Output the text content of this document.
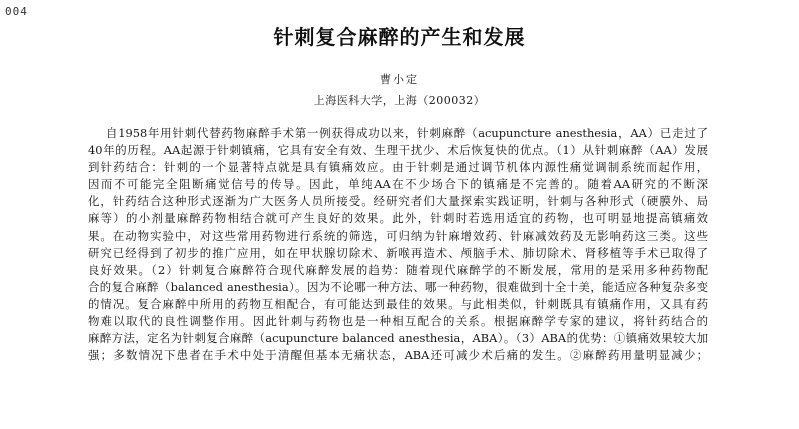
004
针刺复合麻醉的产生和发展
曹小定
上海医科大学，上海（200032）
自1958年用针刺代替药物麻醉手术第一例获得成功以来，针刺麻醉（acupuncture anesthesia，AA）已走过了
40年的历程。AA起源于针刺镇痛，它具有安全有效、生理干扰少、术后恢复快的优点。（1）从针刺麻醉（AA）发展
到针药结合：针刺的一个显著特点就是具有镇痛效应。由于针刺是通过调节机体内源性痛觉调制系统而起作用，
因而不可能完全阻断痛觉信号的传导。因此，单纯AA在不少场合下的镇痛是不完善的。随着AA研究的不断深
化，针药结合这种形式逐渐为广大医务人员所接受。经研究者们大量探索实践证明，针刺与各种形式（硬膜外、局
麻等）的小剂量麻醉药物相结合就可产生良好的效果。此外，针刺时若选用适宜的药物，也可明显地提高镇痛效
果。在动物实验中，对这些常用药物进行系统的筛选，可归纳为针麻增效药、针麻减效药及无影响药这三类。这些
研究已经得到了初步的推广应用，如在甲状腺切除术、新喉再造术、颅脑手术、肺切除术、肾移植等手术已取得了
良好效果。（2）针刺复合麻醉符合现代麻醉发展的趋势：随着现代麻醉学的不断发展，常用的是采用多种药物配
合的复合麻醉（balanced anesthesia）。因为不论哪一种方法、哪一种药物，很难做到十全十美，能适应各种复杂多变
的情况。复合麻醉中所用的药物互相配合，有可能达到最佳的效果。与此相类似，针刺既具有镇痛作用，又具有药
物难以取代的良性调整作用。因此针刺与药物也是一种相互配合的关系。根据麻醉学专家的建议，将针药结合的
麻醉方法，定名为针刺复合麻醉（acupuncture balanced anesthesia，ABA）。（3）ABA的优势：①镇痛效果较大加
强；多数情况下患者在手术中处于清醒但基本无痛状态，ABA还可减少术后痛的发生。②麻醉药用量明显减少；
